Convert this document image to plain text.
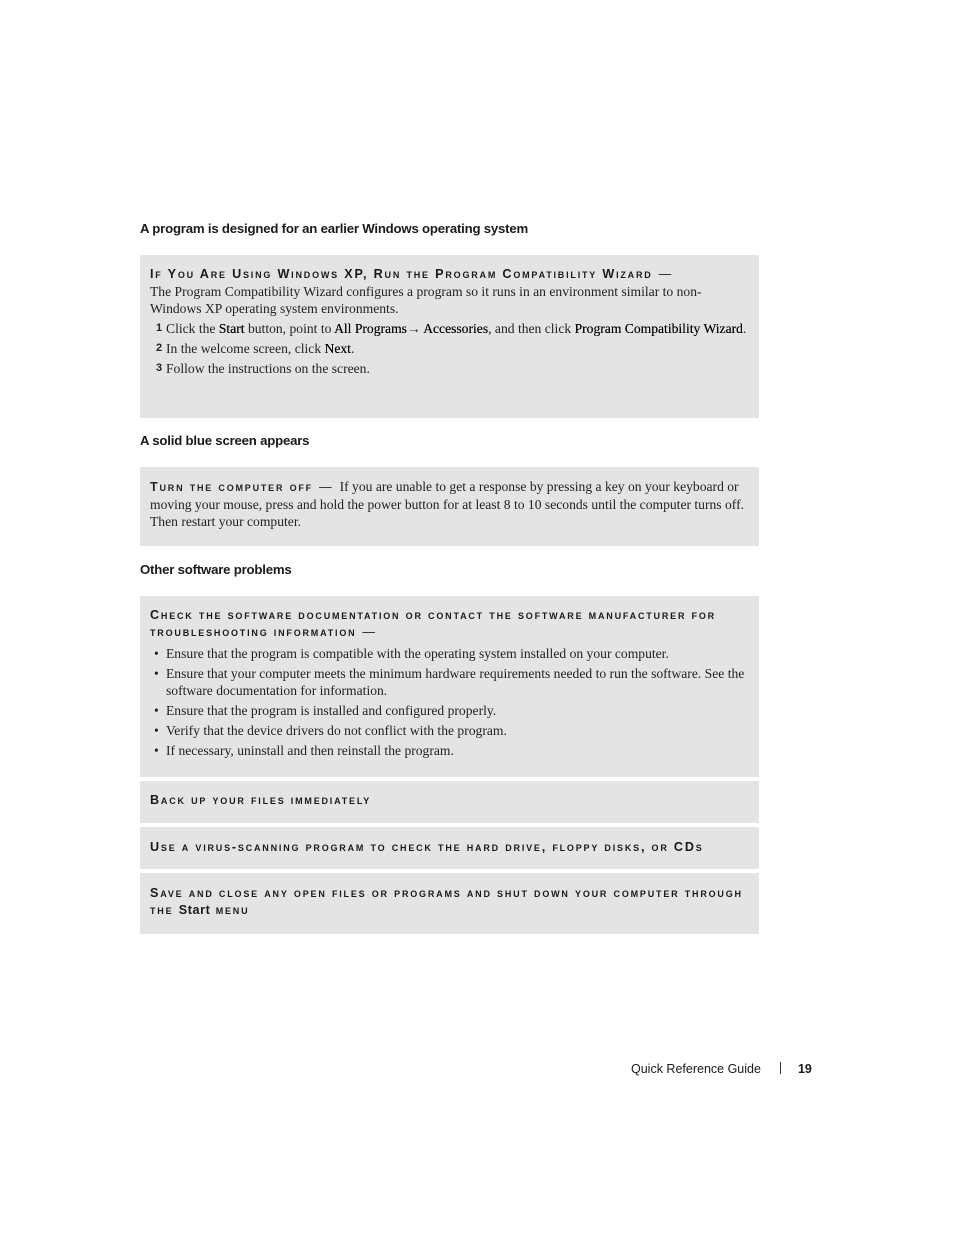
A program is designed for an earlier Windows operating system
If You Are Using Windows XP, Run the Program Compatibility Wizard —

The Program Compatibility Wizard configures a program so it runs in an environment similar to non-Windows XP operating system environments.

1 Click the Start button, point to All Programs→ Accessories, and then click Program Compatibility Wizard.
2 In the welcome screen, click Next.
3 Follow the instructions on the screen.
A solid blue screen appears

Turn the computer off — If you are unable to get a response by pressing a key on your keyboard or moving your mouse, press and hold the power button for at least 8 to 10 seconds until the computer turns off. Then restart your computer.

Other software problems
Check the software documentation or contact the software manufacturer for troubleshooting information —
• Ensure that the program is compatible with the operating system installed on your computer.
• Ensure that your computer meets the minimum hardware requirements needed to run the software. See the software documentation for information.
• Ensure that the program is installed and configured properly.
• Verify that the device drivers do not conflict with the program.
• If necessary, uninstall and then reinstall the program.
Back up your files immediately
Use a virus-scanning program to check the hard drive, floppy disks, or CDs
Save and close any open files or programs and shut down your computer through the Start menu
Quick Reference Guide	19
